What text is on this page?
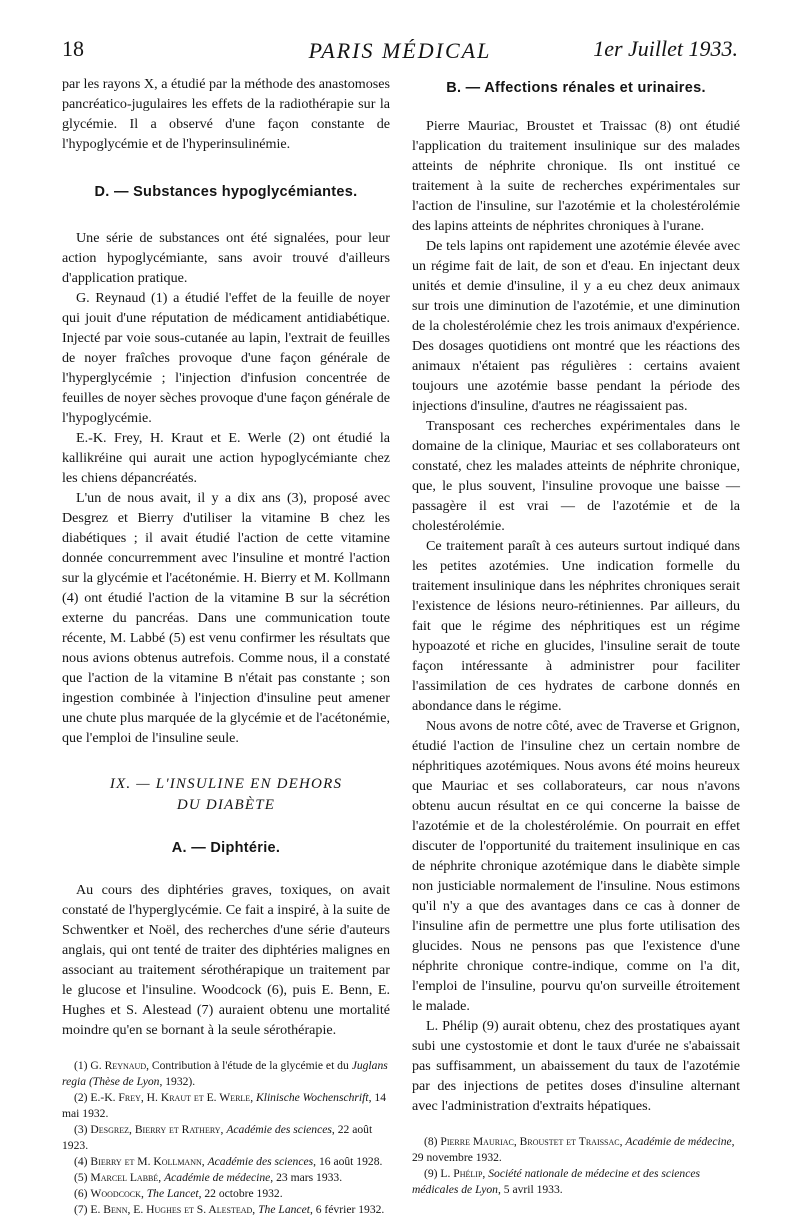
18	PARIS MÉDICAL	1er Juillet 1933.

par les rayons X, a étudié par la méthode des anastomoses pancréatico-jugulaires les effets de la radiothérapie sur la glycémie. Il a observé d'une façon constante de l'hypoglycémie et de l'hyperinsulinémie.

D. — Substances hypoglycémiantes.

Une série de substances ont été signalées, pour leur action hypoglycémiante, sans avoir trouvé d'ailleurs d'application pratique.

G. Reynaud (1) a étudié l'effet de la feuille de noyer qui jouit d'une réputation de médicament antidiabétique. Injecté par voie sous-cutanée au lapin, l'extrait de feuilles de noyer fraîches provoque d'une façon générale de l'hyperglycémie ; l'injection d'infusion concentrée de feuilles de noyer sèches provoque d'une façon générale de l'hypoglycémie.

E.-K. Frey, H. Kraut et E. Werle (2) ont étudié la kallikréine qui aurait une action hypoglycémiante chez les chiens dépancréatés.

L'un de nous avait, il y a dix ans (3), proposé avec Desgrez et Bierry d'utiliser la vitamine B chez les diabétiques ; il avait étudié l'action de cette vitamine donnée concurremment avec l'insuline et montré l'action sur la glycémie et l'acétonémie. H. Bierry et M. Kollmann (4) ont étudié l'action de la vitamine B sur la sécrétion externe du pancréas. Dans une communication toute récente, M. Labbé (5) est venu confirmer les résultats que nous avions obtenus autrefois. Comme nous, il a constaté que l'action de la vitamine B n'était pas constante ; son ingestion combinée à l'injection d'insuline peut amener une chute plus marquée de la glycémie et de l'acétonémie, que l'emploi de l'insuline seule.

IX. — L'INSULINE EN DEHORS
DU DIABÈTE
A. — Diphtérie.

Au cours des diphtéries graves, toxiques, on avait constaté de l'hyperglycémie. Ce fait a inspiré, à la suite de Schwentker et Noël, des recherches d'une série d'auteurs anglais, qui ont tenté de traiter des diphtéries malignes en associant au traitement sérothérapique un traitement par le glucose et l'insuline. Woodcock (6), puis E. Benn, E. Hughes et S. Alestead (7) auraient obtenu une mortalité moindre qu'en se bornant à la seule sérothérapie.

(1) G. Reynaud, Contribution à l'étude de la glycémie et du Juglans regia (Thèse de Lyon, 1932).

(2) E.-K. Frey, H. Kraut et E. Werle, Klinische Wochenschrift, 14 mai 1932.

(3) Desgrez, Bierry et Rathery, Académie des sciences, 22 août 1923.

(4) Bierry et M. Kollmann, Académie des sciences, 16 août 1928.

(5) Marcel Labbé, Académie de médecine, 23 mars 1933.

(6) Woodcock, The Lancet, 22 octobre 1932.

(7) E. Benn, E. Hughes et S. Alestead, The Lancet, 6 février 1932.

B. — Affections rénales et urinaires.

Pierre Mauriac, Broustet et Traissac (8) ont étudié l'application du traitement insulinique sur des malades atteints de néphrite chronique. Ils ont institué ce traitement à la suite de recherches expérimentales sur l'action de l'insuline, sur l'azotémie et la cholestérolémie des lapins atteints de néphrites chroniques à l'urane.

De tels lapins ont rapidement une azotémie élevée avec un régime fait de lait, de son et d'eau. En injectant deux unités et demie d'insuline, il y a eu chez deux animaux sur trois une diminution de l'azotémie, et une diminution de la cholestérolémie chez les trois animaux d'expérience. Des dosages quotidiens ont montré que les réactions des animaux n'étaient pas régulières : certains avaient toujours une azotémie basse pendant la période des injections d'insuline, d'autres ne réagissaient pas.

Transposant ces recherches expérimentales dans le domaine de la clinique, Mauriac et ses collaborateurs ont constaté, chez les malades atteints de néphrite chronique, que, le plus souvent, l'insuline provoque une baisse — passagère il est vrai — de l'azotémie et de la cholestérolémie.

Ce traitement paraît à ces auteurs surtout indiqué dans les petites azotémies. Une indication formelle du traitement insulinique dans les néphrites chroniques serait l'existence de lésions neuro-rétiniennes. Par ailleurs, du fait que le régime des néphritiques est un régime hypoazoté et riche en glucides, l'insuline serait de toute façon intéressante à administrer pour faciliter l'assimilation de ces hydrates de carbone donnés en abondance dans le régime.

Nous avons de notre côté, avec de Traverse et Grignon, étudié l'action de l'insuline chez un certain nombre de néphritiques azotémiques. Nous avons été moins heureux que Mauriac et ses collaborateurs, car nous n'avons obtenu aucun résultat en ce qui concerne la baisse de l'azotémie et de la cholestérolémie. On pourrait en effet discuter de l'opportunité du traitement insulinique en cas de néphrite chronique azotémique dans le diabète simple non justiciable normalement de l'insuline. Nous estimons qu'il n'y a que des avantages dans ce cas à donner de l'insuline afin de permettre une plus forte utilisation des glucides. Nous ne pensons pas que l'existence d'une néphrite chronique contre-indique, comme on l'a dit, l'emploi de l'insuline, pourvu qu'on surveille étroitement le malade.

L. Phélip (9) aurait obtenu, chez des prostatiques ayant subi une cystostomie et dont le taux d'urée ne s'abaissait pas suffisamment, un abaissement du taux de l'azotémie par des injections de petites doses d'insuline alternant avec l'administration d'extraits hépatiques.

(8) Pierre Mauriac, Broustet et Traissac, Académie de médecine, 29 novembre 1932.

(9) L. Phélip, Société nationale de médecine et des sciences médicales de Lyon, 5 avril 1933.
